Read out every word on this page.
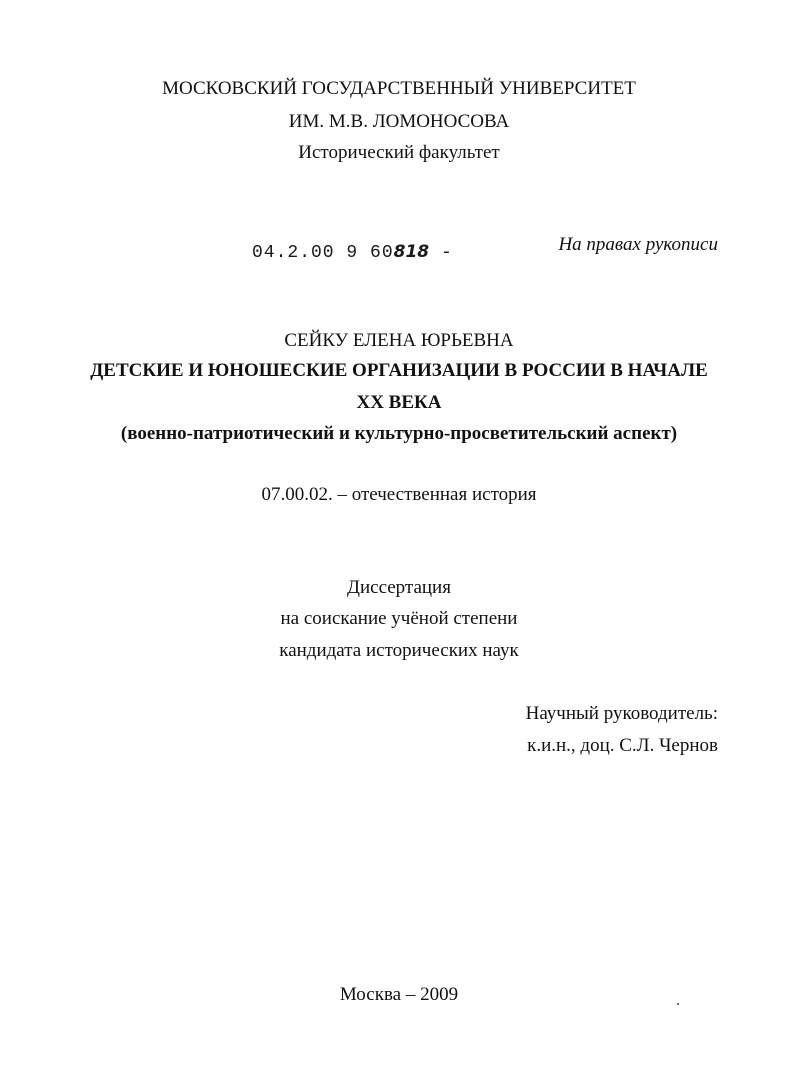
МОСКОВСКИЙ ГОСУДАРСТВЕННЫЙ УНИВЕРСИТЕТ
ИМ. М.В. ЛОМОНОСОВА
Исторический факультет
04.2.00 9 60818 -	На правах рукописи
СЕЙКУ ЕЛЕНА ЮРЬЕВНА
ДЕТСКИЕ И ЮНОШЕСКИЕ ОРГАНИЗАЦИИ В РОССИИ В НАЧАЛЕ
XX ВЕКА
(военно-патриотический и культурно-просветительский аспект)
07.00.02. – отечественная история
Диссертация
на соискание учёной степени
кандидата исторических наук
Научный руководитель:
к.и.н., доц. С.Л. Чернов
Москва – 2009
